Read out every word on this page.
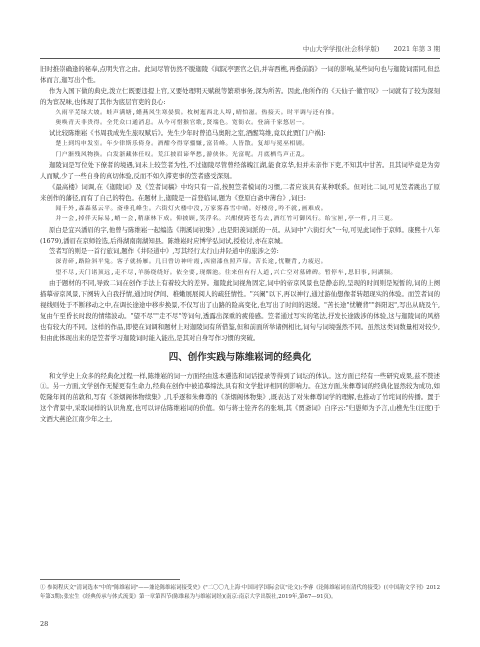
中山大学学报(社会科学版) 2021 年第 3 期

旧时推崇确逢的秘奉,点明失官之由。此词尽管仿然不脱迦陵《闻阮亭罢官之信,并寄西樵,再叠前韵》一词的影响,某些词句也与迦陵词雷同,但总体而言,迦写出个性。

作为入国下做的典史,泼立仁既要违提上官,又要处理明天赋税等繁琐事务,深为所苦。因此,他所作的《天仙子·徽官叹》一词就有了较为深刻的为宦况味,也体现了其作为底层官吏的良心:

久雨平芜绿大坡。蛙声满塘,蜡燕风生寒晏鬓。枚树迤西北人埠,晴怕滋。热接天。时平调与还有推。

奥唤青天非贵得。全凭众口通消息。从今可惜猴官歌,贤端色。宽衙衣。登滴千家悠居一。

试比较陈维崧《书周我成先生旅叹赋后》。先生少年时曾追马奥附之室,酒醒笃维,竟以此贾[门户祸]:

楚上到坞申发室。年少律斯乐倚身。酒酣今得穿骝嫌,富昔峰。人皆散。复却与冕巫相剧。

门户渐残风物换。白发浙藏体任叹。荒江披眉谛华愁,游侠体。光富呢。月底栖鸟声正乱。

迦陵词是写位处下僚者的境遇,词未上较笠者为性,不过迦陵尽管曾经落魄江湖,能食京华,但并未亲作下吏,不知其中甘苦。且其词毕竟是为旁人而赋,少了一些自身的真切体验,反而不如久滞吏事的笠者感受深刻。

《最高楼》词调,在《迦陵词》及《笠者词稿》中均只有一首,按照笠者模词的习惯,二者应该具有某种联系。但对比二词,可见笠者跳出了原来创作的藩径,而有了自己的特色。在题材上,迦陵是一首登临词,题为《登原白斋中薄台》,词曰:

闻千外,森森墓云平。斋垂孔峰生。六街灯火楼中没,万家雾暮雪中晴。好楼房,吟不就,画难成。

并一会,掉伴天际易,峭一会,稍康林下成。仰披顾,笑浮名。兴酣便跨苍鸟去,酒红竹可御风行。绐宝匣,亭一杵,月三更。

原白是宜兴潘眉的字,他曾与陈维崧一起编选《荆溪词初集》,也是阳羡词派的一员。从词中"六街灯火"一句,可见此词作于京师。康熙十八年(1679),潘眉在京师铨选,后得湖南南湖知县。陈维崧时应博学弘词试,授检讨,亦在京城。

笠者写的则是一首行旅词,题作《井陉道中》,写其经行太行山井陉道中的旅涉之劳:

深青碎,路险斜平兔。客子就扬雁。几日曾访神叶霞,西窗漆鱼照芦扉。苦长途,忧鞭背,力疲迟。

望不尽,天门诸顶远,走不尽,羊肠绕绕好。依全要,现烟池。往来但有行人道,兴亡空对墓碑碑。暂停车,思旧事,问湖频。

由于题材的不同,导致二词在创作手法上有着较大的差异。迦陵此词视角固定,词中的帝京风景也是静态的,呈现的时间则是短暂的,词的上阕描摹帝京风景,下阕转入自我抒情,通过时伊间、稚嫩展展阅人的疏狂情性。"兴阑"以下,再以神行,通过游仙想像者转超现实的体验。而笠者词的视线则处于不断移动之中,在调长途途中移步换景,不仅写出了山路的险高变化,也写出了时间的迟缓。"苦长途"忧鞭背""斜阳迟",写出从晓及午,复由午至昏长时段的情绪波动。"望不尽""走不尽"等词句,透露出深重的疲倦感。笠者通过写实的笔法,抒发长途跋涉的体验,这与迦陵词的风格也有较大的不同。这样的作品,即使在词调和题材上对迦陵词有所借鉴,但和前面所举诸例相比,词句与词境强然不同。虽然这类词数量相对较少,但由此体现出来的是笠者学习迦陵词时能入能出,是其对自身写作习惯的突破。

四、创作实践与陈维崧词的经典化

和文学史上众多的经典化过程一样,陈维崧的词一方面经由选本遴选和词话提录等得到了词坛的体认。这方面已经有一些研究成果,兹不赘述①。另一方面,文学创作无疑更有生命力,经典在创作中被追摹缔法,具有和文学批评相同的影响力。在这方面,朱彝尊词的经典化显然较为成功,如乾隆年间的茁敦和,写有《茶烟阁体物续集》,几乎逐和朱彝尊的《茶烟阁体物集》,既表达了对朱彝尊词学的理解,也推动了竹垞词的传播。置于这个背景中,采取词样的认识角度,也可以评估陈维崧词的价值。如与蒋士铨齐名的张埙,其《贾斋词》自序云:"归愚师为予言,山樵先生(汪度)于文酒大燕论江南少年之士,

① 参阅程庆文"清词选本"中的"陈维崧词"——兼论陈维崧词接受史》("二〇〇九上海·中国词学国际会议"论文);李睿《论陈维崧词在清代的接受》(《中国韵文学刊》2012年第3期);张宏生《经典传承与体式流变》第一章第四节(陈维崧为与维崧词经)(南京:南京大学出版社,2019年,第67—91页)。
28
